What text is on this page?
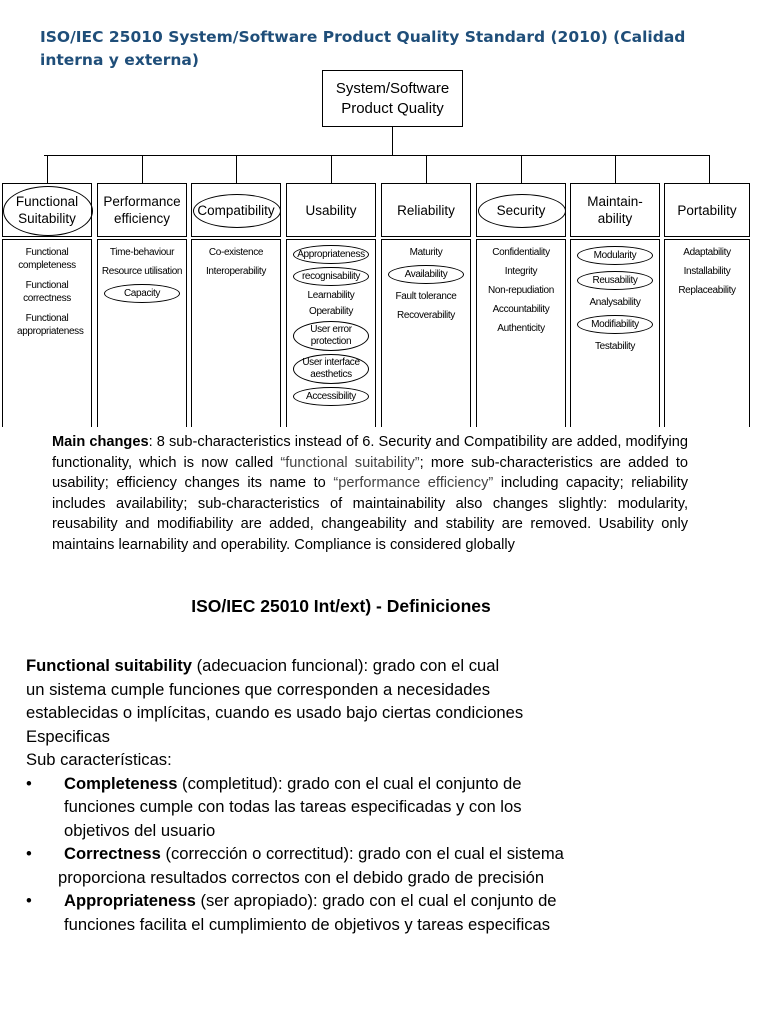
ISO/IEC 25010 System/Software Product Quality Standard (2010) (Calidad interna y externa)
System/Software
Product Quality
Functional Suitability
Functional completeness
Functional correctness
Functional appropriateness
Performance efficiency
Time-behaviour
Resource utilisation
Capacity
Compatibility
Co-existence
Interoperability
Usability
Appropriateness
recognisability
Learnability
Operability
User error protection
User interface aesthetics
Accessibility
Reliability
Maturity
Availability
Fault tolerance
Recoverability
Security
Confidentiality
Integrity
Non-repudiation
Accountability
Authenticity
Maintain-ability
Modularity
Reusability
Analysability
Modifiability
Testability
Portability
Adaptability
Installability
Replaceability
Main changes: 8 sub-characteristics instead of 6. Security and Compatibility are added, modifying functionality, which is now called “functional suitability”; more sub-characteristics are added to usability; efficiency changes its name to “performance efficiency” including capacity; reliability includes availability; sub-characteristics of maintainability also changes slightly: modularity, reusability and modifiability are added, changeability and stability are removed. Usability only maintains learnability and operability. Compliance is considered globally
ISO/IEC 25010 Int/ext) - Definiciones

Functional suitability (adecuacion funcional): grado con el cual
un sistema cumple funciones que corresponden a necesidades
establecidas o implícitas, cuando es usado bajo ciertas condiciones
Especificas
Sub características:

• Completeness (completitud): grado con el cual el conjunto de
funciones cumple con todas las tareas especificadas y con los
objetivos del usuario
• Correctness (corrección o correctitud): grado con el cual el sistema
proporciona resultados correctos con el debido grado de precisión
• Appropriateness (ser apropiado): grado con el cual el conjunto de
funciones facilita el cumplimiento de objetivos y tareas especificas
